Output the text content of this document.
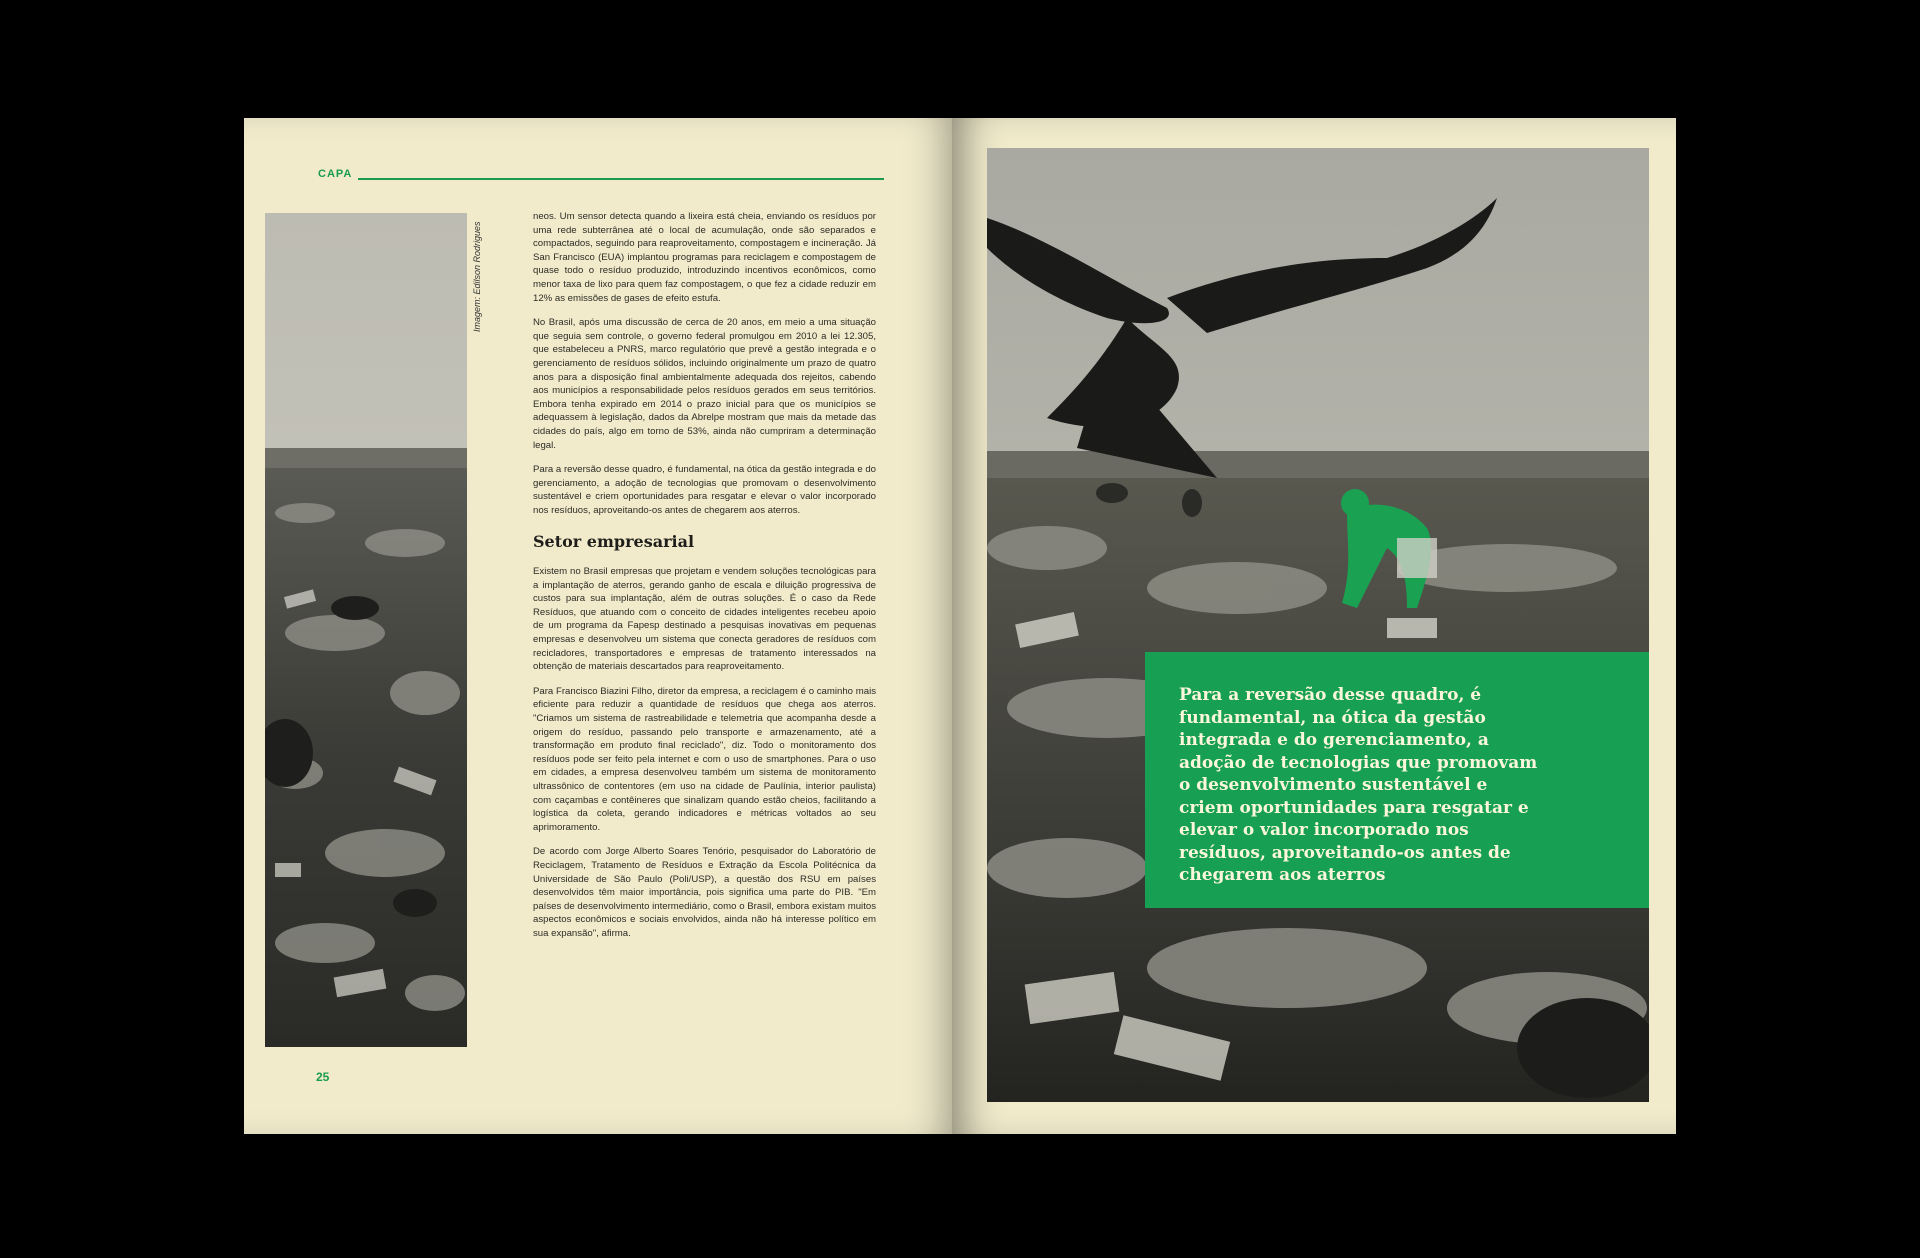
CAPA
Imagem: Edilson Rodrigues

neos. Um sensor detecta quando a lixeira está cheia, enviando os resíduos por uma rede subterrânea até o local de acumulação, onde são separados e compactados, seguindo para reaproveitamento, compostagem e incineração. Já San Francisco (EUA) implantou programas para reciclagem e compostagem de quase todo o resíduo produzido, introduzindo incentivos econômicos, como menor taxa de lixo para quem faz compostagem, o que fez a cidade reduzir em 12% as emissões de gases de efeito estufa.

No Brasil, após uma discussão de cerca de 20 anos, em meio a uma situação que seguia sem controle, o governo federal promulgou em 2010 a lei 12.305, que estabeleceu a PNRS, marco regulatório que prevê a gestão integrada e o gerenciamento de resíduos sólidos, incluindo originalmente um prazo de quatro anos para a disposição final ambientalmente adequada dos rejeitos, cabendo aos municípios a responsabilidade pelos resíduos gerados em seus territórios. Embora tenha expirado em 2014 o prazo inicial para que os municípios se adequassem à legislação, dados da Abrelpe mostram que mais da metade das cidades do país, algo em torno de 53%, ainda não cumpriram a determinação legal.

Para a reversão desse quadro, é fundamental, na ótica da gestão integrada e do gerenciamento, a adoção de tecnologias que promovam o desenvolvimento sustentável e criem oportunidades para resgatar e elevar o valor incorporado nos resíduos, aproveitando-os antes de chegarem aos aterros.

Setor empresarial

Existem no Brasil empresas que projetam e vendem soluções tecnológicas para a implantação de aterros, gerando ganho de escala e diluição progressiva de custos para sua implantação, além de outras soluções. É o caso da Rede Resíduos, que atuando com o conceito de cidades inteligentes recebeu apoio de um programa da Fapesp destinado a pesquisas inovativas em pequenas empresas e desenvolveu um sistema que conecta geradores de resíduos com recicladores, transportadores e empresas de tratamento interessados na obtenção de materiais descartados para reaproveitamento.

Para Francisco Biazini Filho, diretor da empresa, a reciclagem é o caminho mais eficiente para reduzir a quantidade de resíduos que chega aos aterros. "Criamos um sistema de rastreabilidade e telemetria que acompanha desde a origem do resíduo, passando pelo transporte e armazenamento, até a transformação em produto final reciclado", diz. Todo o monitoramento dos resíduos pode ser feito pela internet e com o uso de smartphones. Para o uso em cidades, a empresa desenvolveu também um sistema de monitoramento ultrassônico de contentores (em uso na cidade de Paulínia, interior paulista) com caçambas e contêineres que sinalizam quando estão cheios, facilitando a logística da coleta, gerando indicadores e métricas voltados ao seu aprimoramento.

De acordo com Jorge Alberto Soares Tenório, pesquisador do Laboratório de Reciclagem, Tratamento de Resíduos e Extração da Escola Politécnica da Universidade de São Paulo (Poli/USP), a questão dos RSU em países desenvolvidos têm maior importância, pois significa uma parte do PIB. "Em países de desenvolvimento intermediário, como o Brasil, embora existam muitos aspectos econômicos e sociais envolvidos, ainda não há interesse político em sua expansão", afirma.

25

Para a reversão desse quadro, é fundamental, na ótica da gestão integrada e do gerenciamento, a adoção de tecnologias que promovam o desenvolvimento sustentável e criem oportunidades para resgatar e elevar o valor incorporado nos resíduos, aproveitando-os antes de chegarem aos aterros
